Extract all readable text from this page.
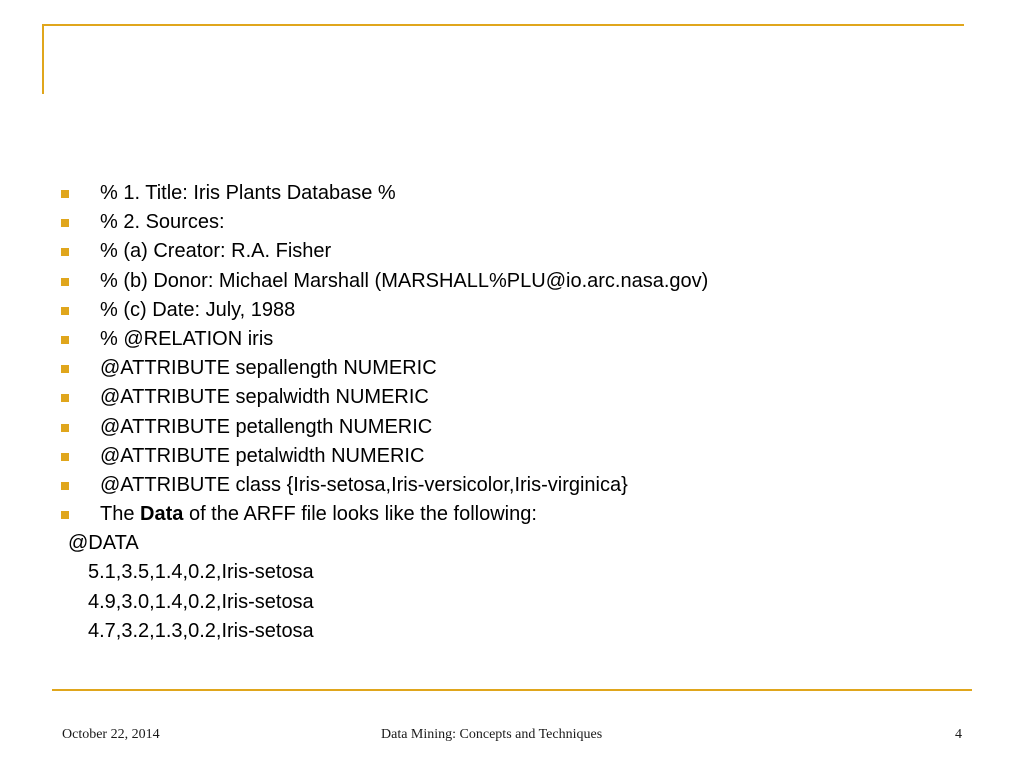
% 1. Title: Iris Plants Database %
% 2. Sources:
% (a) Creator: R.A. Fisher
% (b) Donor: Michael Marshall (MARSHALL%PLU@io.arc.nasa.gov)
% (c) Date: July, 1988
% @RELATION iris
@ATTRIBUTE sepallength NUMERIC
@ATTRIBUTE sepalwidth NUMERIC
@ATTRIBUTE petallength NUMERIC
@ATTRIBUTE petalwidth NUMERIC
@ATTRIBUTE class {Iris-setosa,Iris-versicolor,Iris-virginica}
The Data of the ARFF file looks like the following:
@DATA
5.1,3.5,1.4,0.2,Iris-setosa
4.9,3.0,1.4,0.2,Iris-setosa
4.7,3.2,1.3,0.2,Iris-setosa
October 22, 2014	Data Mining: Concepts and Techniques	4
